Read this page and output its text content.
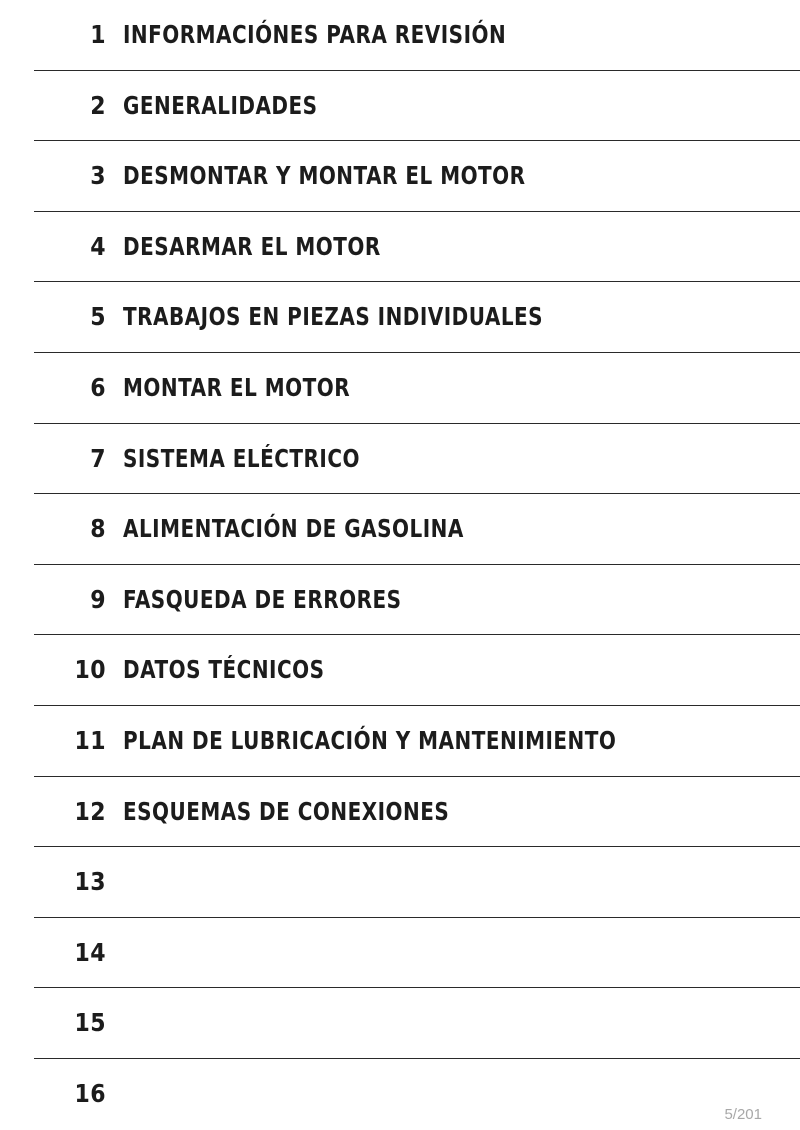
1 INFORMACIÓNES PARA REVISIÓN
2 GENERALIDADES
3 DESMONTAR Y MONTAR EL MOTOR
4 DESARMAR EL MOTOR
5 TRABAJOS EN PIEZAS INDIVIDUALES
6 MONTAR EL MOTOR
7 SISTEMA ELÉCTRICO
8 ALIMENTACIÓN DE GASOLINA
9 FASQUEDA DE ERRORES
10 DATOS TÉCNICOS
11 PLAN DE LUBRICACIÓN Y MANTENIMIENTO
12 ESQUEMAS DE CONEXIONES
13
14
15
16
5/201
